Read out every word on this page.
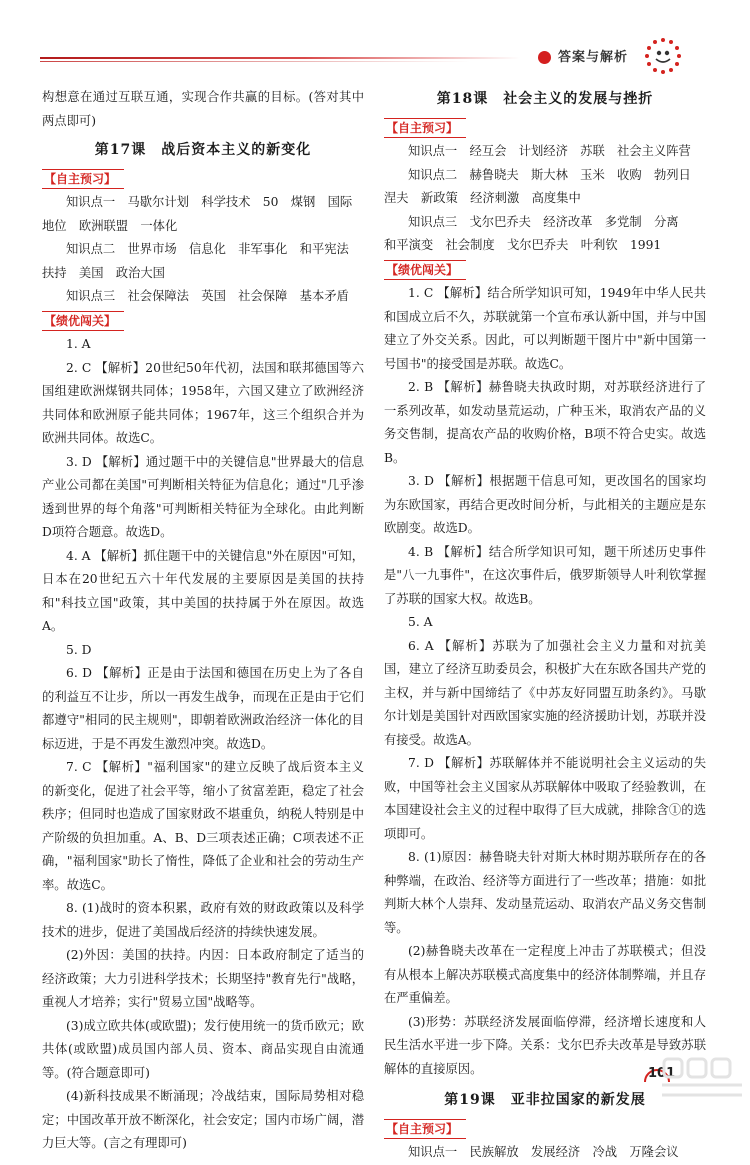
答案与解析

构想意在通过互联互通，实现合作共赢的目标。(答对其中两点即可)

第17课　战后资本主义的新变化
【自主预习】

知识点一　马歇尔计划　科学技术　50　煤钢　国际

地位　欧洲联盟　一体化

知识点二　世界市场　信息化　非军事化　和平宪法

扶持　美国　政治大国

知识点三　社会保障法　英国　社会保障　基本矛盾

【绩优闯关】

1. A

2. C 【解析】20世纪50年代初，法国和联邦德国等六国组建欧洲煤钢共同体；1958年，六国又建立了欧洲经济共同体和欧洲原子能共同体；1967年，这三个组织合并为欧洲共同体。故选C。

3. D 【解析】通过题干中的关键信息"世界最大的信息产业公司都在美国"可判断相关特征为信息化；通过"几乎渗透到世界的每个角落"可判断相关特征为全球化。由此判断D项符合题意。故选D。

4. A 【解析】抓住题干中的关键信息"外在原因"可知，日本在20世纪五六十年代发展的主要原因是美国的扶持和"科技立国"政策，其中美国的扶持属于外在原因。故选A。

5. D

6. D 【解析】正是由于法国和德国在历史上为了各自的利益互不让步，所以一再发生战争，而现在正是由于它们都遵守"相同的民主规则"，即朝着欧洲政治经济一体化的目标迈进，于是不再发生激烈冲突。故选D。

7. C 【解析】"福利国家"的建立反映了战后资本主义的新变化，促进了社会平等，缩小了贫富差距，稳定了社会秩序；但同时也造成了国家财政不堪重负，纳税人特别是中产阶级的负担加重。A、B、D三项表述正确；C项表述不正确，"福利国家"助长了惰性，降低了企业和社会的劳动生产率。故选C。

8. (1)战时的资本积累，政府有效的财政政策以及科学技术的进步，促进了美国战后经济的持续快速发展。

(2)外因：美国的扶持。内因：日本政府制定了适当的经济政策；大力引进科学技术；长期坚持"教育先行"战略，重视人才培养；实行"贸易立国"战略等。

(3)成立欧共体(或欧盟)；发行使用统一的货币欧元；欧共体(或欧盟)成员国内部人员、资本、商品实现自由流通等。(符合题意即可)

(4)新科技成果不断涌现；冷战结束，国际局势相对稳定；中国改革开放不断深化，社会安定；国内市场广阔，潜力巨大等。(言之有理即可)

第18课　社会主义的发展与挫折
【自主预习】

知识点一　经互会　计划经济　苏联　社会主义阵营

知识点二　赫鲁晓夫　斯大林　玉米　收购　勃列日

涅夫　新政策　经济刺激　高度集中

知识点三　戈尔巴乔夫　经济改革　多党制　分离

和平演变　社会制度　戈尔巴乔夫　叶利钦　1991

【绩优闯关】

1. C 【解析】结合所学知识可知，1949年中华人民共和国成立后不久，苏联就第一个宣布承认新中国，并与中国建立了外交关系。因此，可以判断题干图片中"新中国第一号国书"的接受国是苏联。故选C。

2. B 【解析】赫鲁晓夫执政时期，对苏联经济进行了一系列改革，如发动垦荒运动，广种玉米，取消农产品的义务交售制，提高农产品的收购价格，B项不符合史实。故选B。

3. D 【解析】根据题干信息可知，更改国名的国家均为东欧国家，再结合更改时间分析，与此相关的主题应是东欧剧变。故选D。

4. B 【解析】结合所学知识可知，题干所述历史事件是"八一九事件"，在这次事件后，俄罗斯领导人叶利钦掌握了苏联的国家大权。故选B。

5. A

6. A 【解析】苏联为了加强社会主义力量和对抗美国，建立了经济互助委员会，积极扩大在东欧各国共产党的主权，并与新中国缔结了《中苏友好同盟互助条约》。马歇尔计划是美国针对西欧国家实施的经济援助计划，苏联并没有接受。故选A。

7. D 【解析】苏联解体并不能说明社会主义运动的失败，中国等社会主义国家从苏联解体中吸取了经验教训，在本国建设社会主义的过程中取得了巨大成就，排除含①的选项即可。

8. (1)原因：赫鲁晓夫针对斯大林时期苏联所存在的各种弊端，在政治、经济等方面进行了一些改革；措施：如批判斯大林个人崇拜、发动垦荒运动、取消农产品义务交售制等。

(2)赫鲁晓夫改革在一定程度上冲击了苏联模式；但没有从根本上解决苏联模式高度集中的经济体制弊端，并且存在严重偏差。

(3)形势：苏联经济发展面临停滞，经济增长速度和人民生活水平进一步下降。关系：戈尔巴乔夫改革是导致苏联解体的直接原因。

第19课　亚非拉国家的新发展
【自主预习】

知识点一　民族解放　发展经济　冷战　万隆会议

101
